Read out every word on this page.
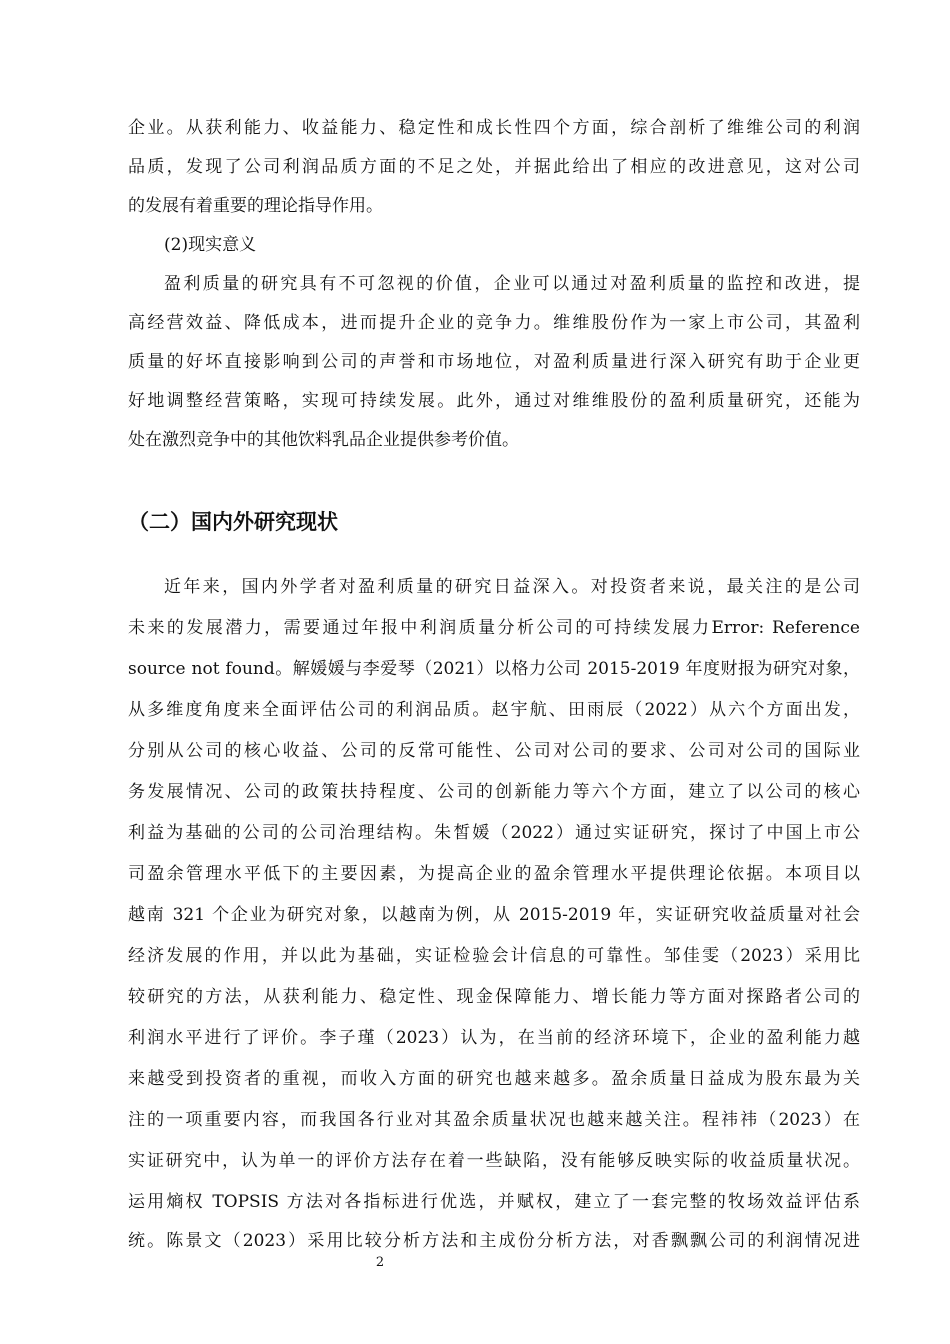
企业。从获利能力、收益能力、稳定性和成长性四个方面，综合剖析了维维公司的利润
品质，发现了公司利润品质方面的不足之处，并据此给出了相应的改进意见，这对公司
的发展有着重要的理论指导作用。
(2)现实意义
盈利质量的研究具有不可忽视的价值，企业可以通过对盈利质量的监控和改进，提
高经营效益、降低成本，进而提升企业的竞争力。维维股份作为一家上市公司，其盈利
质量的好坏直接影响到公司的声誉和市场地位，对盈利质量进行深入研究有助于企业更
好地调整经营策略，实现可持续发展。此外，通过对维维股份的盈利质量研究，还能为
处在激烈竞争中的其他饮料乳品企业提供参考价值。
（二）国内外研究现状
近年来，国内外学者对盈利质量的研究日益深入。对投资者来说，最关注的是公司
未来的发展潜力，需要通过年报中利润质量分析公司的可持续发展力Error: Reference
source not found。解媛媛与李爱琴（2021）以格力公司 2015-2019 年度财报为研究对象，
从多维度角度来全面评估公司的利润品质。赵宇航、田雨辰（2022）从六个方面出发，
分别从公司的核心收益、公司的反常可能性、公司对公司的要求、公司对公司的国际业
务发展情况、公司的政策扶持程度、公司的创新能力等六个方面，建立了以公司的核心
利益为基础的公司的公司治理结构。朱皙媛（2022）通过实证研究，探讨了中国上市公
司盈余管理水平低下的主要因素，为提高企业的盈余管理水平提供理论依据。本项目以
越南 321 个企业为研究对象，以越南为例，从 2015-2019 年，实证研究收益质量对社会
经济发展的作用，并以此为基础，实证检验会计信息的可靠性。邹佳雯（2023）采用比
较研究的方法，从获利能力、稳定性、现金保障能力、增长能力等方面对探路者公司的
利润水平进行了评价。李子瑾（2023）认为，在当前的经济环境下，企业的盈利能力越
来越受到投资者的重视，而收入方面的研究也越来越多。盈余质量日益成为股东最为关
注的一项重要内容，而我国各行业对其盈余质量状况也越来越关注。程祎祎（2023）在
实证研究中，认为单一的评价方法存在着一些缺陷，没有能够反映实际的收益质量状况。
运用熵权 TOPSIS 方法对各指标进行优选，并赋权，建立了一套完整的牧场效益评估系
统。陈景文（2023）采用比较分析方法和主成份分析方法，对香飘飘公司的利润情况进
2
